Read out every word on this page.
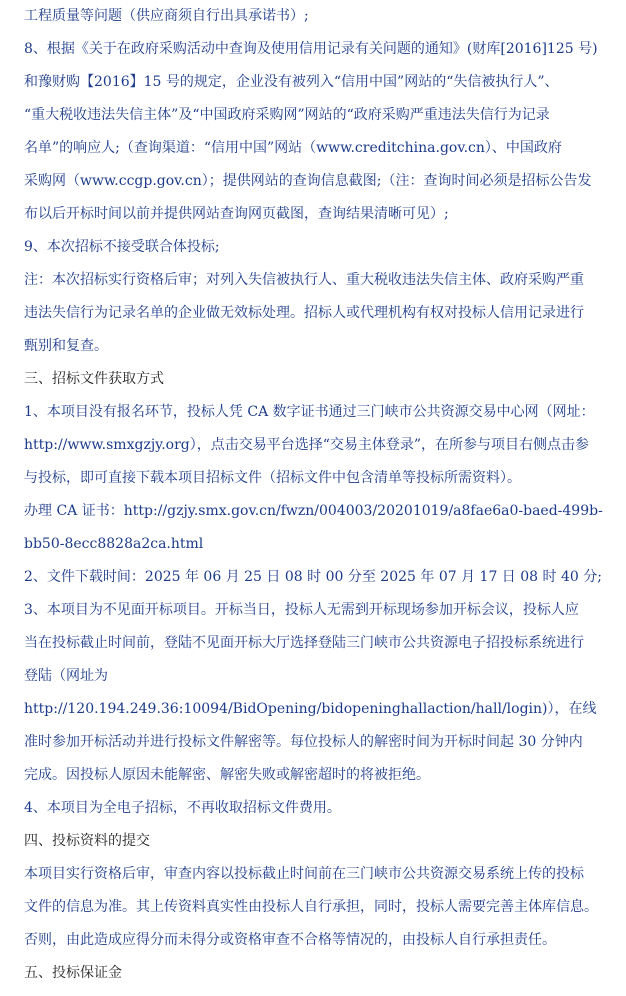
工程质量等问题（供应商须自行出具承诺书）;
8、根据《关于在政府采购活动中查询及使用信用记录有关问题的通知》(财库[2016]125 号)
和豫财购【2016】15 号的规定，企业没有被列入“信用中国”网站的“失信被执行人”、
“重大税收违法失信主体”及“中国政府采购网”网站的“政府采购严重违法失信行为记录
名单”的响应人;（查询渠道：“信用中国”网站（www.creditchina.gov.cn）、中国政府
采购网（www.ccgp.gov.cn）；提供网站的查询信息截图;（注：查询时间必须是招标公告发
布以后开标时间以前并提供网站查询网页截图，查询结果清晰可见）;
9、本次招标不接受联合体投标;
注：本次招标实行资格后审；对列入失信被执行人、重大税收违法失信主体、政府采购严重
违法失信行为记录名单的企业做无效标处理。招标人或代理机构有权对投标人信用记录进行
甄别和复查。
三、招标文件获取方式
1、本项目没有报名环节，投标人凭 CA 数字证书通过三门峡市公共资源交易中心网（网址：
http://www.smxgzjy.org），点击交易平台选择“交易主体登录”，在所参与项目右侧点击参
与投标，即可直接下载本项目招标文件（招标文件中包含清单等投标所需资料）。
办理 CA 证书：http://gzjy.smx.gov.cn/fwzn/004003/20201019/a8fae6a0-baed-499b-
bb50-8ecc8828a2ca.html
2、文件下载时间：2025 年 06 月 25 日 08 时 00 分至 2025 年 07 月 17 日 08 时 40 分;
3、本项目为不见面开标项目。开标当日，投标人无需到开标现场参加开标会议，投标人应
当在投标截止时间前，登陆不见面开标大厅选择登陆三门峡市公共资源电子招投标系统进行
登陆（网址为
http://120.194.249.36:10094/BidOpening/bidopeninghallaction/hall/login)），在线
准时参加开标活动并进行投标文件解密等。每位投标人的解密时间为开标时间起 30 分钟内
完成。因投标人原因未能解密、解密失败或解密超时的将被拒绝。
4、本项目为全电子招标，不再收取招标文件费用。
四、投标资料的提交
本项目实行资格后审，审查内容以投标截止时间前在三门峡市公共资源交易系统上传的投标
文件的信息为准。其上传资料真实性由投标人自行承担，同时，投标人需要完善主体库信息。
否则，由此造成应得分而未得分或资格审查不合格等情况的，由投标人自行承担责任。
五、投标保证金
